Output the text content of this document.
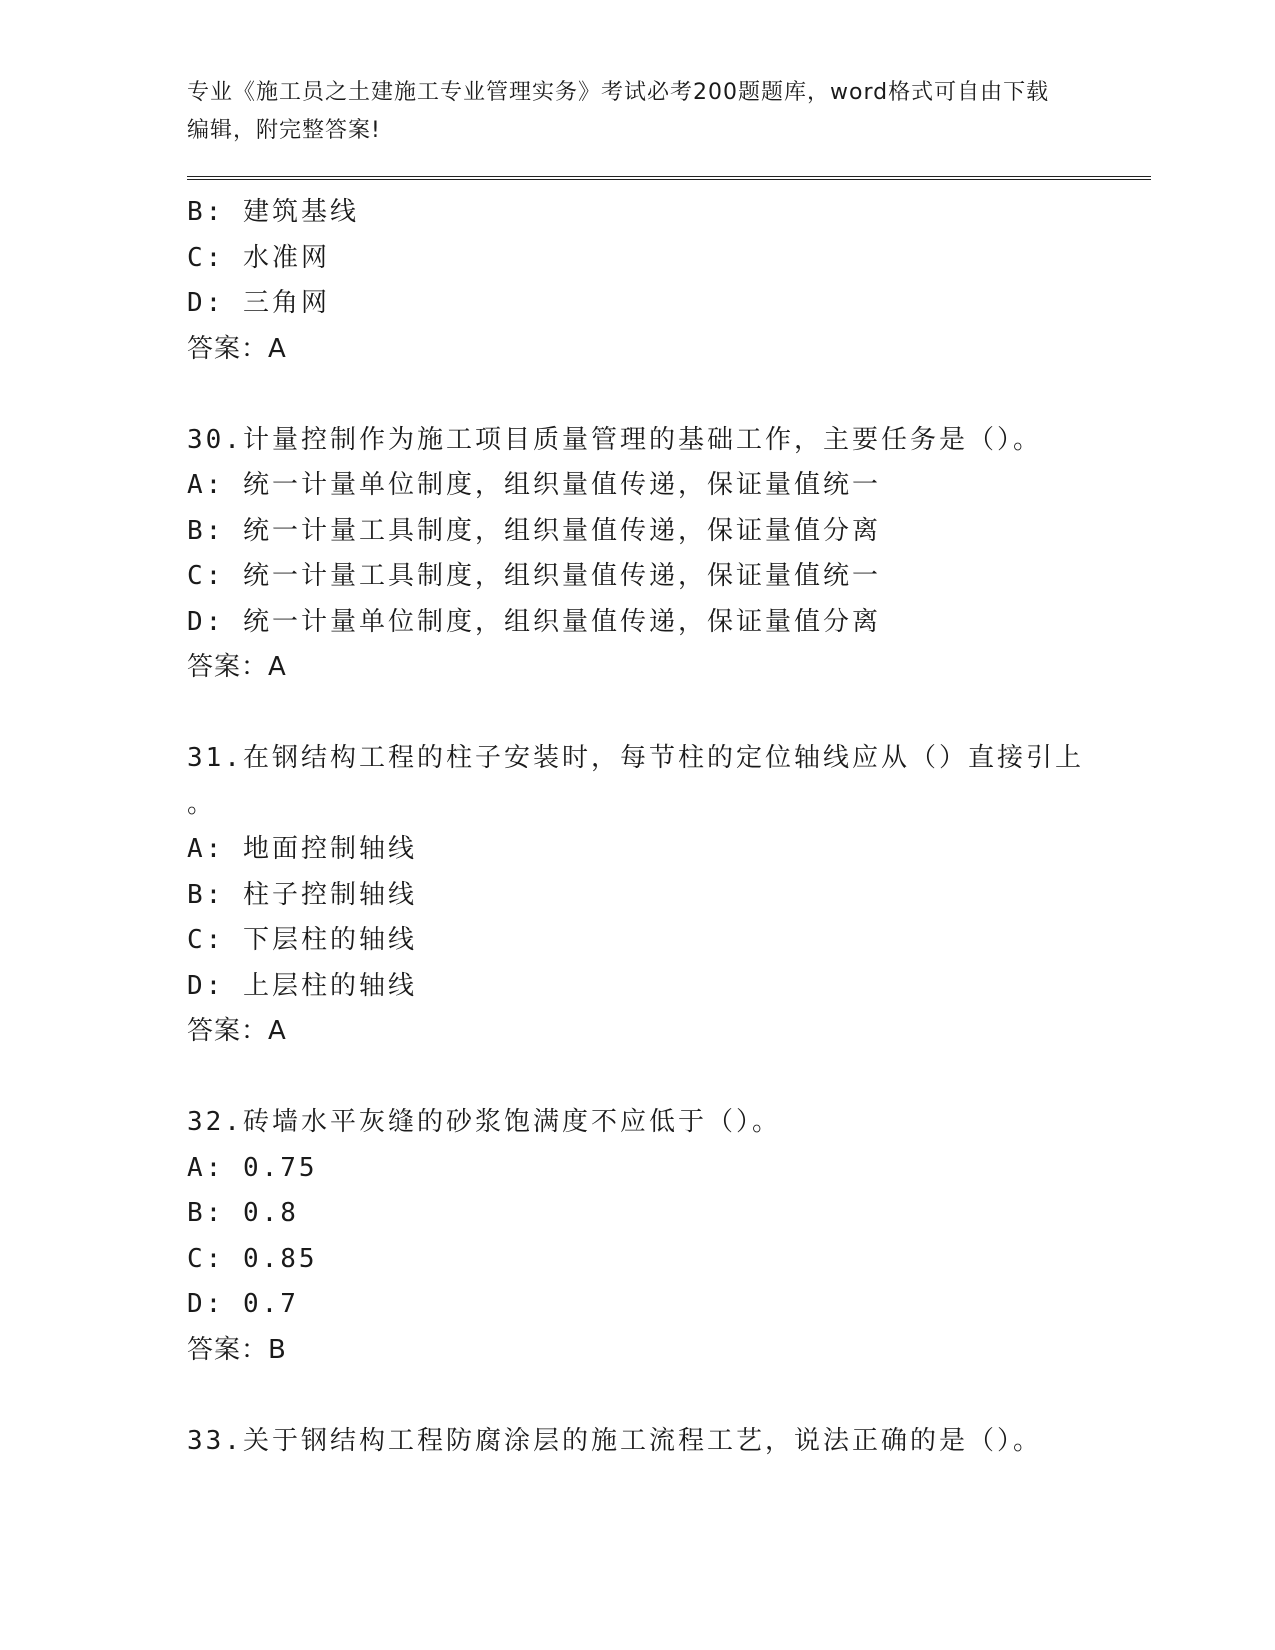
专业《施工员之土建施工专业管理实务》考试必考200题题库，word格式可自由下载编辑，附完整答案!
B: 建筑基线
C: 水准网
D: 三角网
答案：A
30.计量控制作为施工项目质量管理的基础工作，主要任务是（）。
A: 统一计量单位制度，组织量值传递，保证量值统一
B: 统一计量工具制度，组织量值传递，保证量值分离
C: 统一计量工具制度，组织量值传递，保证量值统一
D: 统一计量单位制度，组织量值传递，保证量值分离
答案：A
31.在钢结构工程的柱子安装时，每节柱的定位轴线应从（）直接引上
。
A: 地面控制轴线
B: 柱子控制轴线
C: 下层柱的轴线
D: 上层柱的轴线
答案：A
32.砖墙水平灰缝的砂浆饱满度不应低于（）。
A: 0.75
B: 0.8
C: 0.85
D: 0.7
答案：B
33.关于钢结构工程防腐涂层的施工流程工艺，说法正确的是（）。
